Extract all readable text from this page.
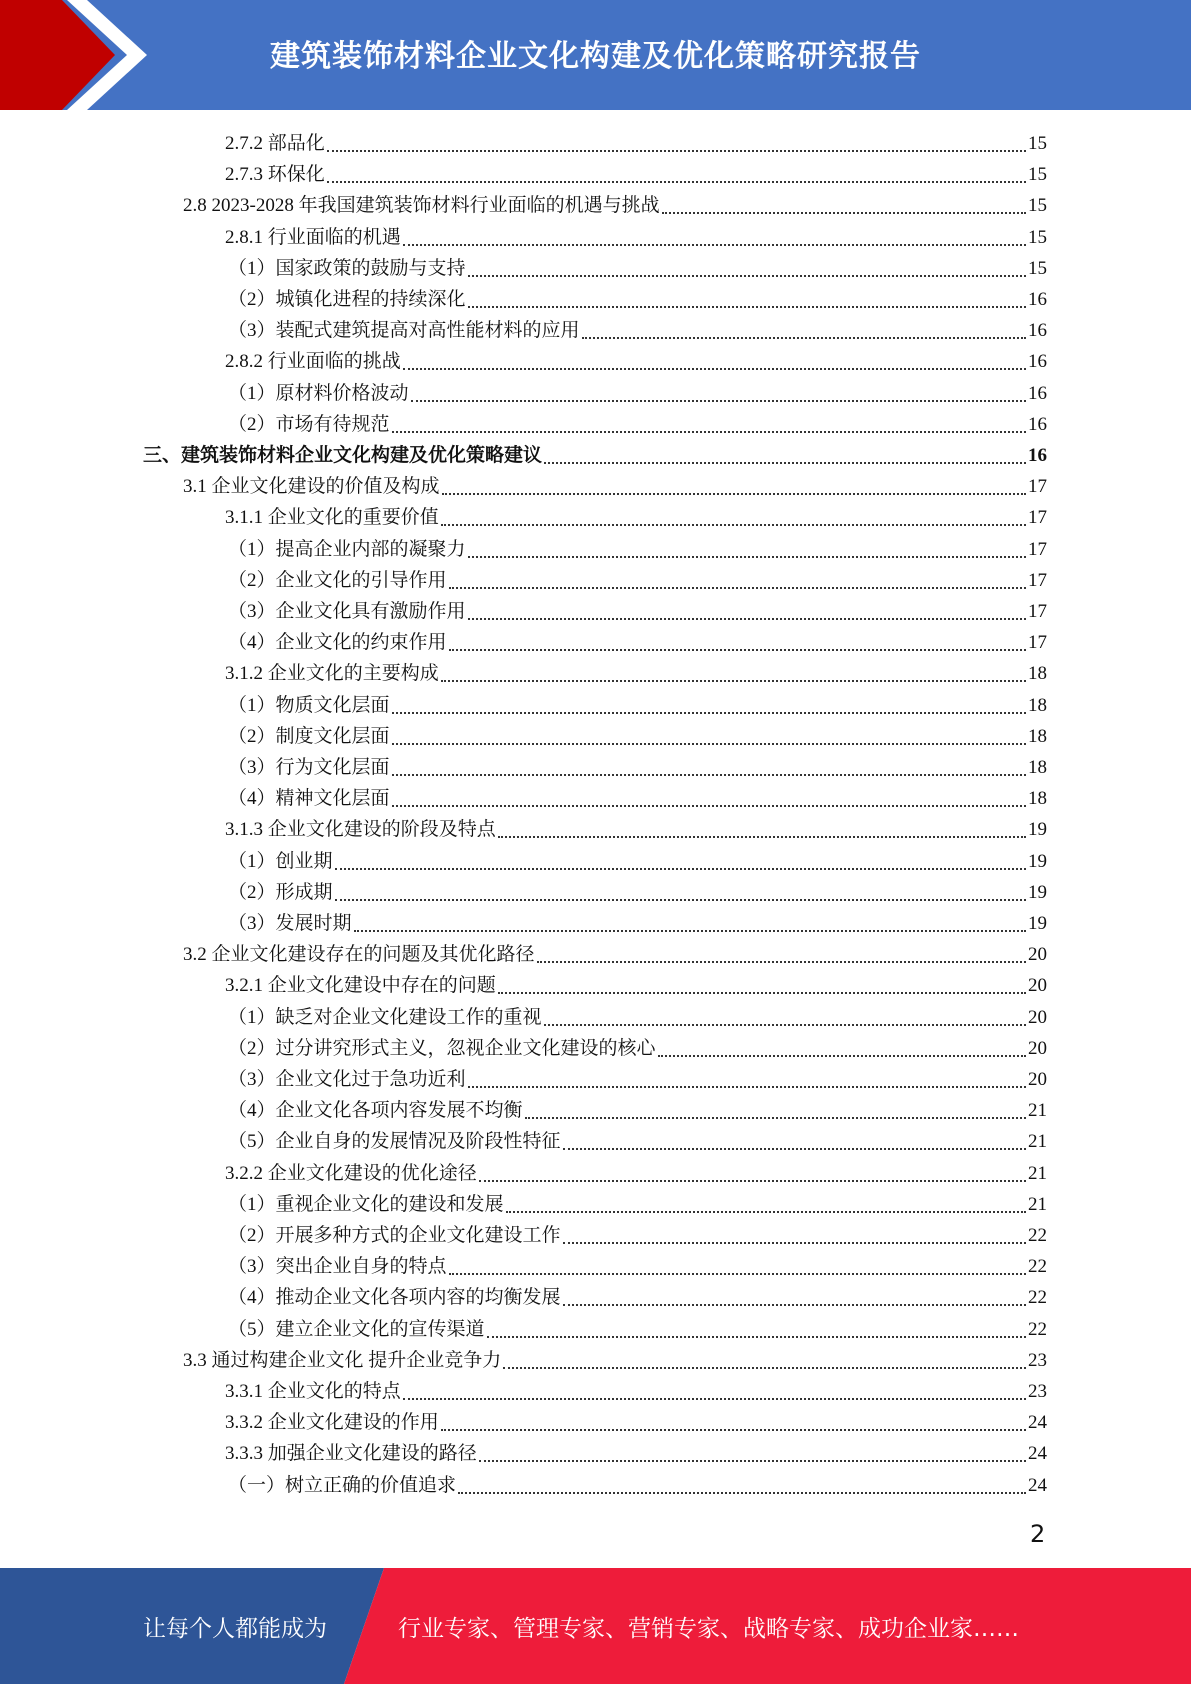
建筑装饰材料企业文化构建及优化策略研究报告
2.7.2 部品化	15
2.7.3 环保化	15
2.8 2023-2028 年我国建筑装饰材料行业面临的机遇与挑战	15
2.8.1 行业面临的机遇	15
（1）国家政策的鼓励与支持	15
（2）城镇化进程的持续深化	16
（3）装配式建筑提高对高性能材料的应用	16
2.8.2 行业面临的挑战	16
（1）原材料价格波动	16
（2）市场有待规范	16
三、建筑装饰材料企业文化构建及优化策略建议	16
3.1 企业文化建设的价值及构成	17
3.1.1 企业文化的重要价值	17
（1）提高企业内部的凝聚力	17
（2）企业文化的引导作用	17
（3）企业文化具有激励作用	17
（4）企业文化的约束作用	17
3.1.2 企业文化的主要构成	18
（1）物质文化层面	18
（2）制度文化层面	18
（3）行为文化层面	18
（4）精神文化层面	18
3.1.3 企业文化建设的阶段及特点	19
（1）创业期	19
（2）形成期	19
（3）发展时期	19
3.2 企业文化建设存在的问题及其优化路径	20
3.2.1 企业文化建设中存在的问题	20
（1）缺乏对企业文化建设工作的重视	20
（2）过分讲究形式主义，忽视企业文化建设的核心	20
（3）企业文化过于急功近利	20
（4）企业文化各项内容发展不均衡	21
（5）企业自身的发展情况及阶段性特征	21
3.2.2 企业文化建设的优化途径	21
（1）重视企业文化的建设和发展	21
（2）开展多种方式的企业文化建设工作	22
（3）突出企业自身的特点	22
（4）推动企业文化各项内容的均衡发展	22
（5）建立企业文化的宣传渠道	22
3.3 通过构建企业文化 提升企业竞争力	23
3.3.1 企业文化的特点	23
3.3.2 企业文化建设的作用	24
3.3.3 加强企业文化建设的路径	24
（一）树立正确的价值追求	24
2
让每个人都能成为	行业专家、管理专家、营销专家、战略专家、成功企业家……
